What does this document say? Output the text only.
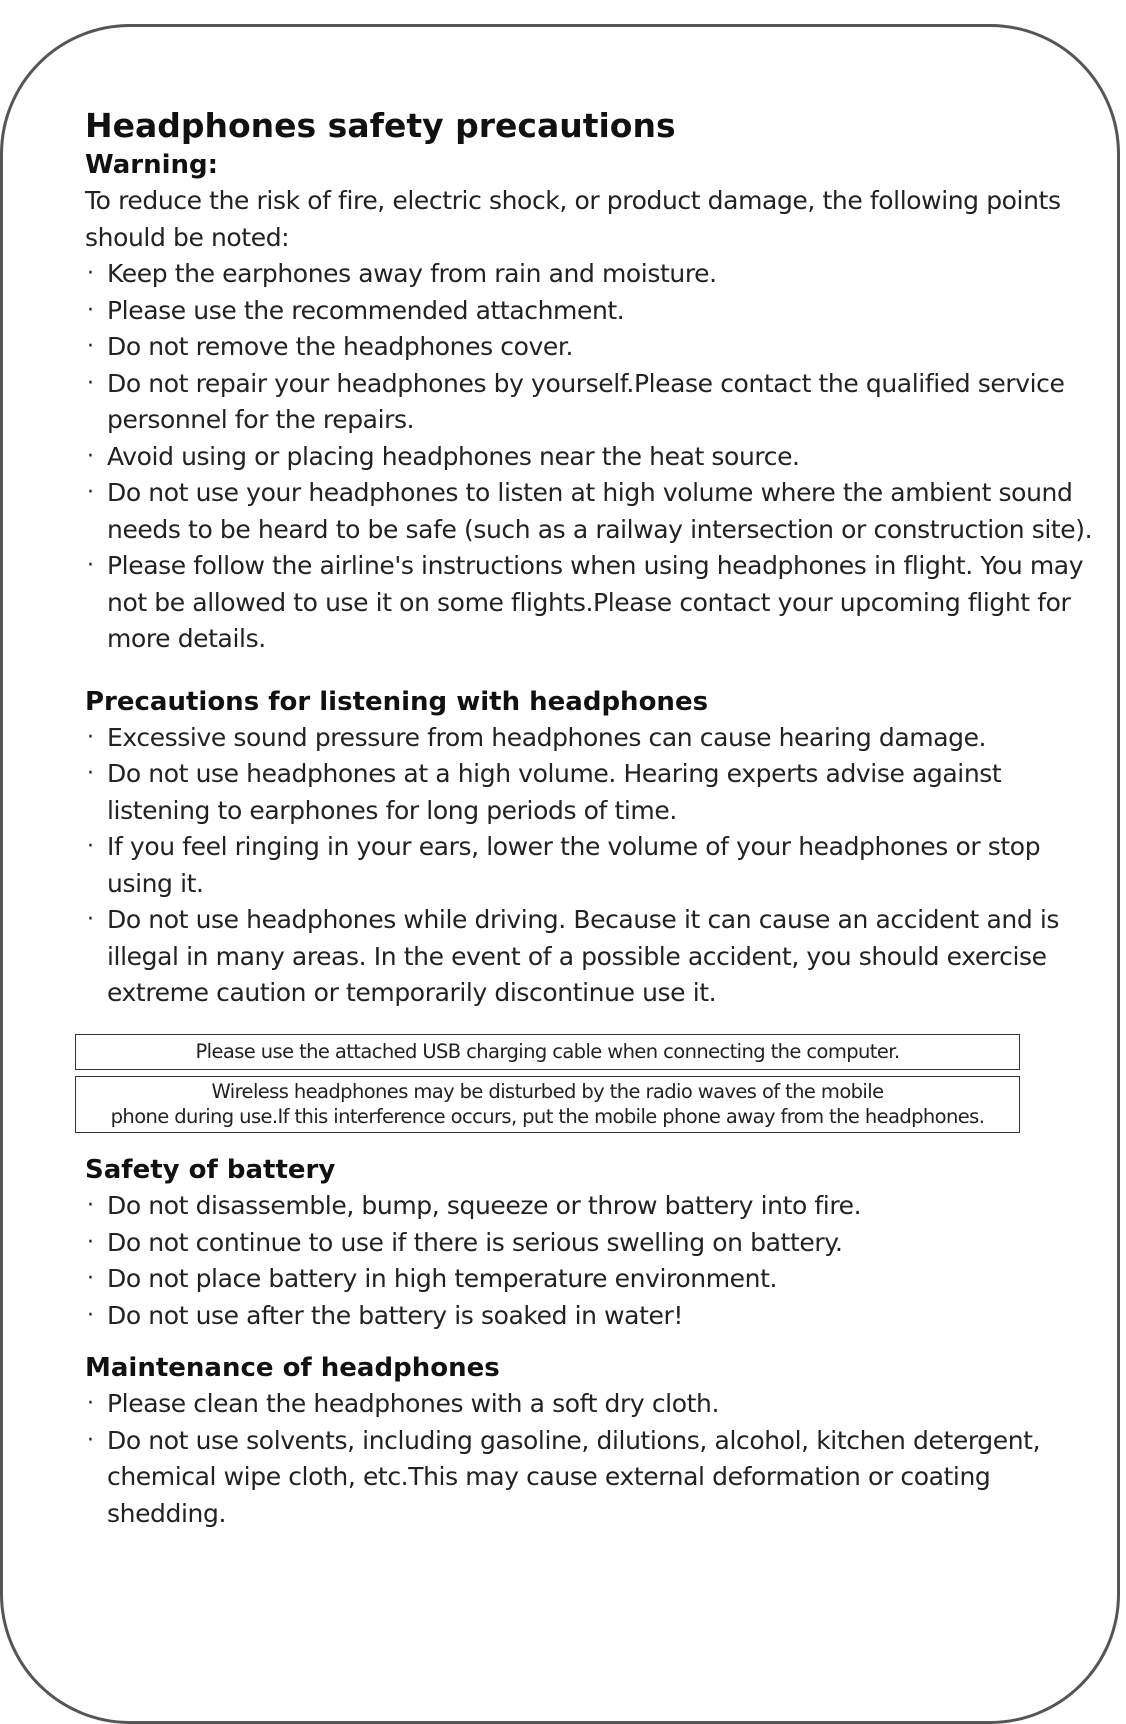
Headphones safety precautions
Warning:

To reduce the risk of fire, electric shock, or product damage, the following points should be noted:

· Keep the earphones away from rain and moisture.
· Please use the recommended attachment.
· Do not remove the headphones cover.
· Do not repair your headphones by yourself.Please contact the qualified service personnel for the repairs.
· Avoid using or placing headphones near the heat source.
· Do not use your headphones to listen at high volume where the ambient sound needs to be heard to be safe (such as a railway intersection or construction site).
· Please follow the airline's instructions when using headphones in flight. You may not be allowed to use it on some flights.Please contact your upcoming flight for more details.
Precautions for listening with headphones
· Excessive sound pressure from headphones can cause hearing damage.
· Do not use headphones at a high volume. Hearing experts advise against listening to earphones for long periods of time.
· If you feel ringing in your ears, lower the volume of your headphones or stop using it.
· Do not use headphones while driving. Because it can cause an accident and is illegal in many areas. In the event of a possible accident, you should exercise extreme caution or temporarily discontinue use it.
Please use the attached USB charging cable when connecting the computer.
Wireless headphones may be disturbed by the radio waves of the mobile
phone during use.If this interference occurs, put the mobile phone away from the headphones.
Safety of battery
· Do not disassemble, bump, squeeze or throw battery into fire.
· Do not continue to use if there is serious swelling on battery.
· Do not place battery in high temperature environment.
· Do not use after the battery is soaked in water!
Maintenance of headphones
· Please clean the headphones with a soft dry cloth.
· Do not use solvents, including gasoline, dilutions, alcohol, kitchen detergent, chemical wipe cloth, etc.This may cause external deformation or coating shedding.
